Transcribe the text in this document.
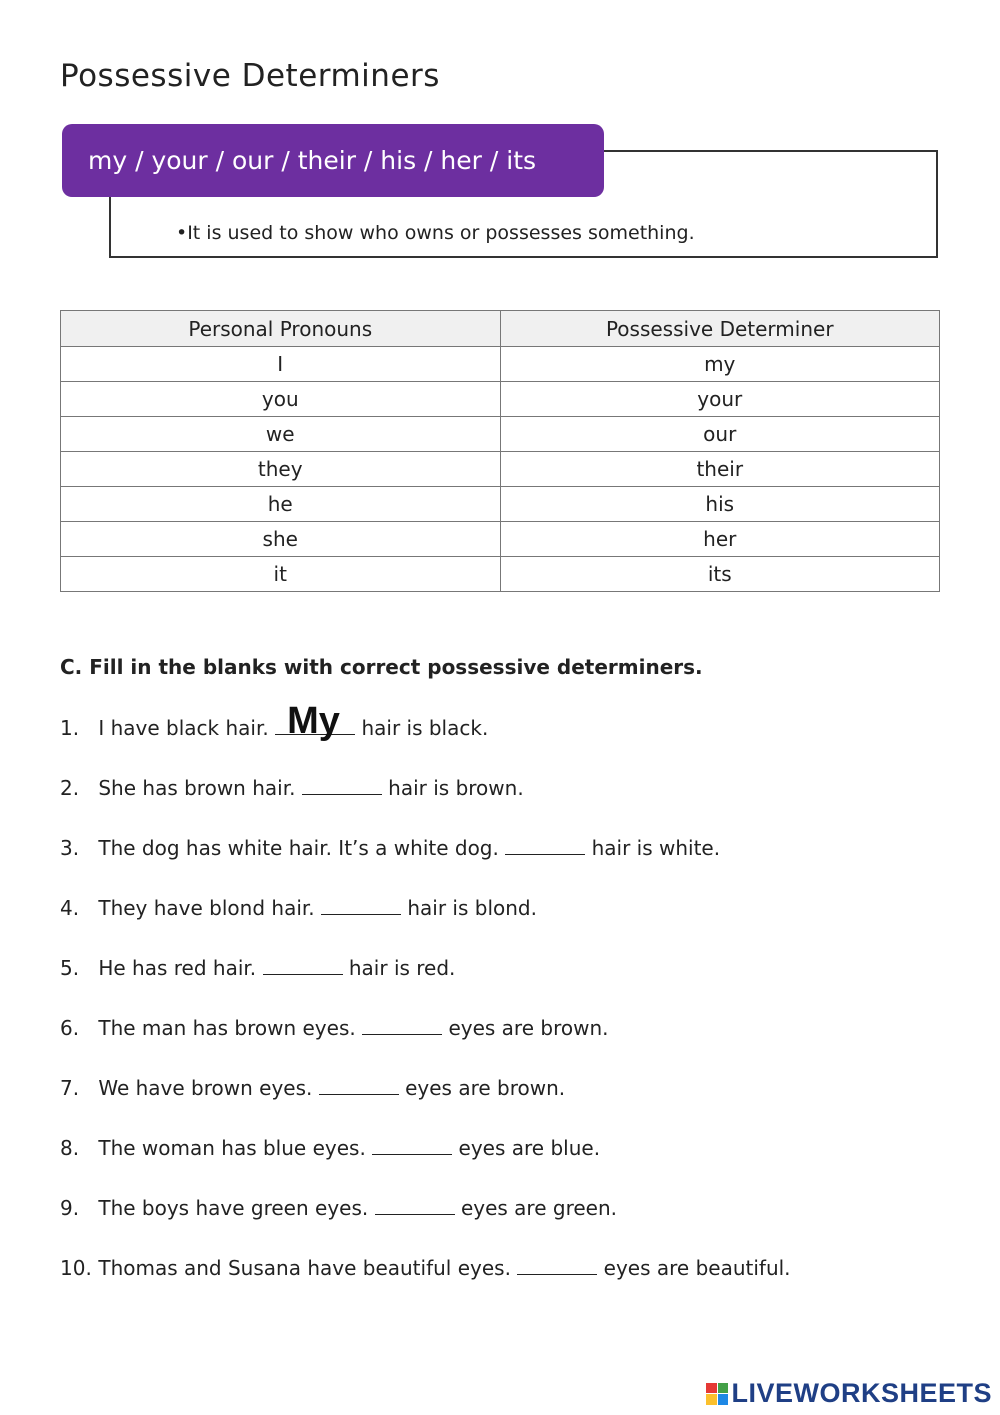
Possessive Determiners
my / your / our / their / his / her / its
•It is used to show who owns or possesses something.
Personal Pronouns	Possessive Determiner
I	my
you	your
we	our
they	their
he	his
she	her
it	its
C. Fill in the blanks with correct possessive determiners.
1. I have black hair. My hair is black.
2. She has brown hair.	hair is brown.
3. The dog has white hair. It’s a white dog.	hair is white.
4. They have blond hair.	hair is blond.
5. He has red hair.	hair is red.
6. The man has brown eyes.	eyes are brown.
7. We have brown eyes.	eyes are brown.
8. The woman has blue eyes.	eyes are blue.
9. The boys have green eyes.	eyes are green.
10. Thomas and Susana have beautiful eyes.	eyes are beautiful.
LIVEWORKSHEETS
